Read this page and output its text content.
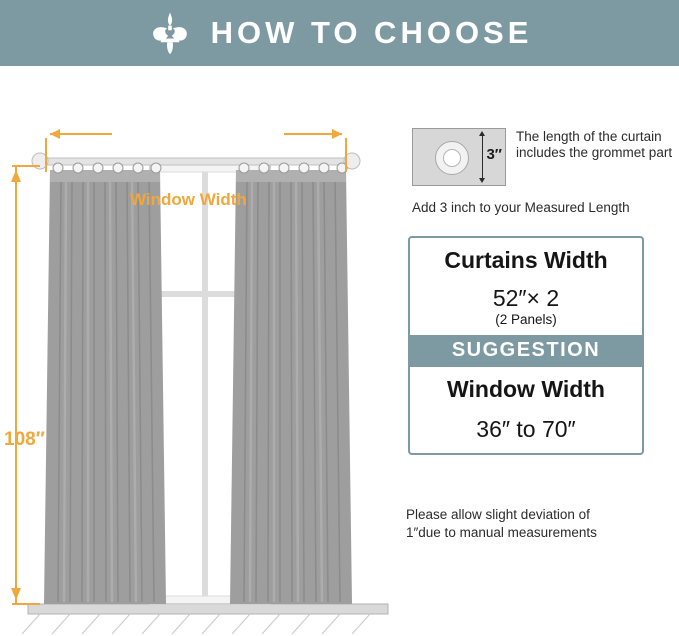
HOW TO CHOOSE
Window Width
108″
3″
The length of the curtain includes the grommet part
Add 3 inch to your Measured Length
Curtains Width
52″× 2
(2 Panels)
SUGGESTION
Window Width
36″ to 70″
Please allow slight deviation of
1″due to manual measurements
